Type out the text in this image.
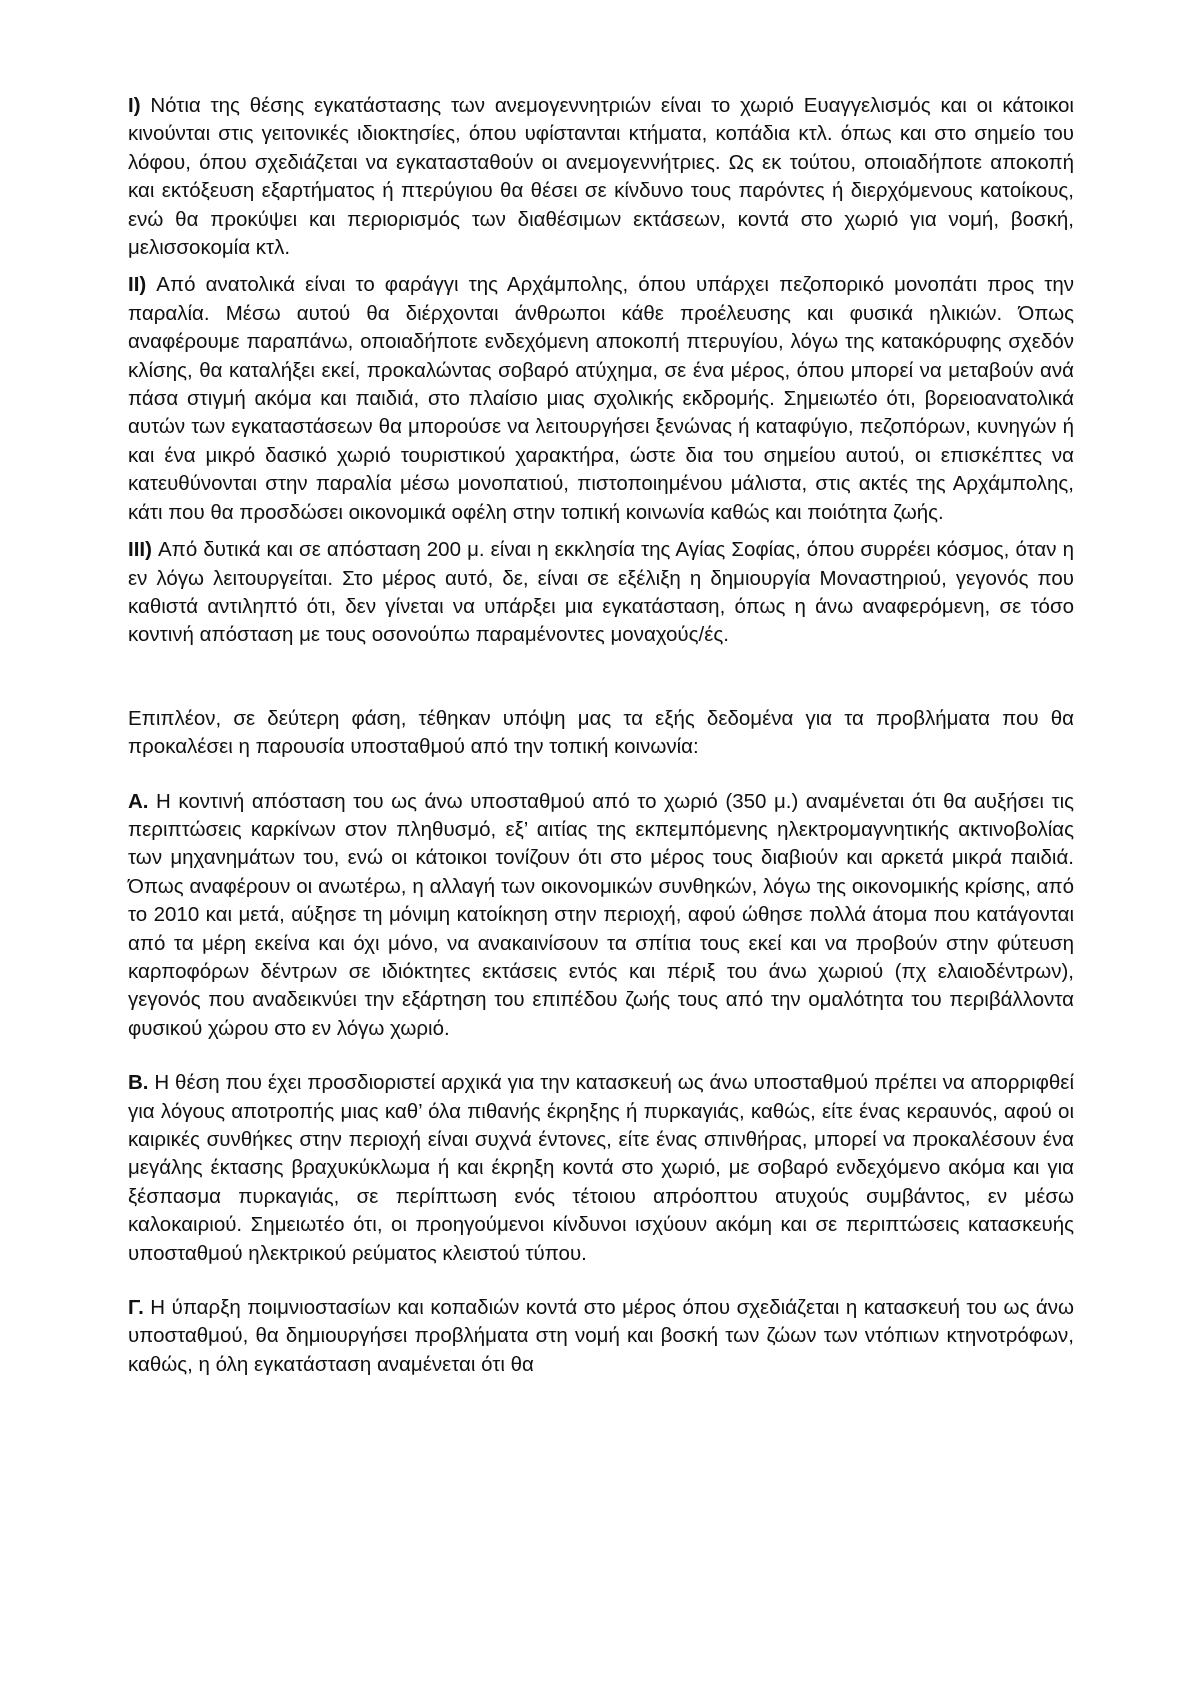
I) Νότια της θέσης εγκατάστασης των ανεμογεννητριών είναι το χωριό Ευαγγελισμός και οι κάτοικοι κινούνται στις γειτονικές ιδιοκτησίες, όπου υφίστανται κτήματα, κοπάδια κτλ. όπως και στο σημείο του λόφου, όπου σχεδιάζεται να εγκατασταθούν οι ανεμογεννήτριες. Ως εκ τούτου, οποιαδήποτε αποκοπή και εκτόξευση εξαρτήματος ή πτερύγιου θα θέσει σε κίνδυνο τους παρόντες ή διερχόμενους κατοίκους, ενώ θα προκύψει και περιορισμός των διαθέσιμων εκτάσεων, κοντά στο χωριό για νομή, βοσκή, μελισσοκομία κτλ.

II) Από ανατολικά είναι το φαράγγι της Αρχάμπολης, όπου υπάρχει πεζοπορικό μονοπάτι προς την παραλία. Μέσω αυτού θα διέρχονται άνθρωποι κάθε προέλευσης και φυσικά ηλικιών. Όπως αναφέρουμε παραπάνω, οποιαδήποτε ενδεχόμενη αποκοπή πτερυγίου, λόγω της κατακόρυφης σχεδόν κλίσης, θα καταλήξει εκεί, προκαλώντας σοβαρό ατύχημα, σε ένα μέρος, όπου μπορεί να μεταβούν ανά πάσα στιγμή ακόμα και παιδιά, στο πλαίσιο μιας σχολικής εκδρομής. Σημειωτέο ότι, βορειοανατολικά αυτών των εγκαταστάσεων θα μπορούσε να λειτουργήσει ξενώνας ή καταφύγιο, πεζοπόρων, κυνηγών ή και ένα μικρό δασικό χωριό τουριστικού χαρακτήρα, ώστε δια του σημείου αυτού, οι επισκέπτες να κατευθύνονται στην παραλία μέσω μονοπατιού, πιστοποιημένου μάλιστα, στις ακτές της Αρχάμπολης, κάτι που θα προσδώσει οικονομικά οφέλη στην τοπική κοινωνία καθώς και ποιότητα ζωής.

III) Από δυτικά και σε απόσταση 200 μ. είναι η εκκλησία της Αγίας Σοφίας, όπου συρρέει κόσμος, όταν η εν λόγω λειτουργείται. Στο μέρος αυτό, δε, είναι σε εξέλιξη η δημιουργία Μοναστηριού, γεγονός που καθιστά αντιληπτό ότι, δεν γίνεται να υπάρξει μια εγκατάσταση, όπως η άνω αναφερόμενη, σε τόσο κοντινή απόσταση με τους οσονούπω παραμένοντες μοναχούς/ές.

Επιπλέον, σε δεύτερη φάση, τέθηκαν υπόψη μας τα εξής δεδομένα για τα προβλήματα που θα προκαλέσει η παρουσία υποσταθμού από την τοπική κοινωνία:

Α. Η κοντινή απόσταση του ως άνω υποσταθμού από το χωριό (350 μ.) αναμένεται ότι θα αυξήσει τις περιπτώσεις καρκίνων στον πληθυσμό, εξ’ αιτίας της εκπεμπόμενης ηλεκτρομαγνητικής ακτινοβολίας των μηχανημάτων του, ενώ οι κάτοικοι τονίζουν ότι στο μέρος τους διαβιούν και αρκετά μικρά παιδιά. Όπως αναφέρουν οι ανωτέρω, η αλλαγή των οικονομικών συνθηκών, λόγω της οικονομικής κρίσης, από το 2010 και μετά, αύξησε τη μόνιμη κατοίκηση στην περιοχή, αφού ώθησε πολλά άτομα που κατάγονται από τα μέρη εκείνα και όχι μόνο, να ανακαινίσουν τα σπίτια τους εκεί και να προβούν στην φύτευση καρποφόρων δέντρων σε ιδιόκτητες εκτάσεις εντός και πέριξ του άνω χωριού (πχ ελαιοδέντρων), γεγονός που αναδεικνύει την εξάρτηση του επιπέδου ζωής τους από την ομαλότητα του περιβάλλοντα φυσικού χώρου στο εν λόγω χωριό.

Β. Η θέση που έχει προσδιοριστεί αρχικά για την κατασκευή ως άνω υποσταθμού πρέπει να απορριφθεί για λόγους αποτροπής μιας καθ’ όλα πιθανής έκρηξης ή πυρκαγιάς, καθώς, είτε ένας κεραυνός, αφού οι καιρικές συνθήκες στην περιοχή είναι συχνά έντονες, είτε ένας σπινθήρας, μπορεί να προκαλέσουν ένα μεγάλης έκτασης βραχυκύκλωμα ή και έκρηξη κοντά στο χωριό, με σοβαρό ενδεχόμενο ακόμα και για ξέσπασμα πυρκαγιάς, σε περίπτωση ενός τέτοιου απρόοπτου ατυχούς συμβάντος, εν μέσω καλοκαιριού. Σημειωτέο ότι, οι προηγούμενοι κίνδυνοι ισχύουν ακόμη και σε περιπτώσεις κατασκευής υποσταθμού ηλεκτρικού ρεύματος κλειστού τύπου.

Γ. Η ύπαρξη ποιμνιοστασίων και κοπαδιών κοντά στο μέρος όπου σχεδιάζεται η κατασκευή του ως άνω υποσταθμού, θα δημιουργήσει προβλήματα στη νομή και βοσκή των ζώων των ντόπιων κτηνοτρόφων, καθώς, η όλη εγκατάσταση αναμένεται ότι θα
